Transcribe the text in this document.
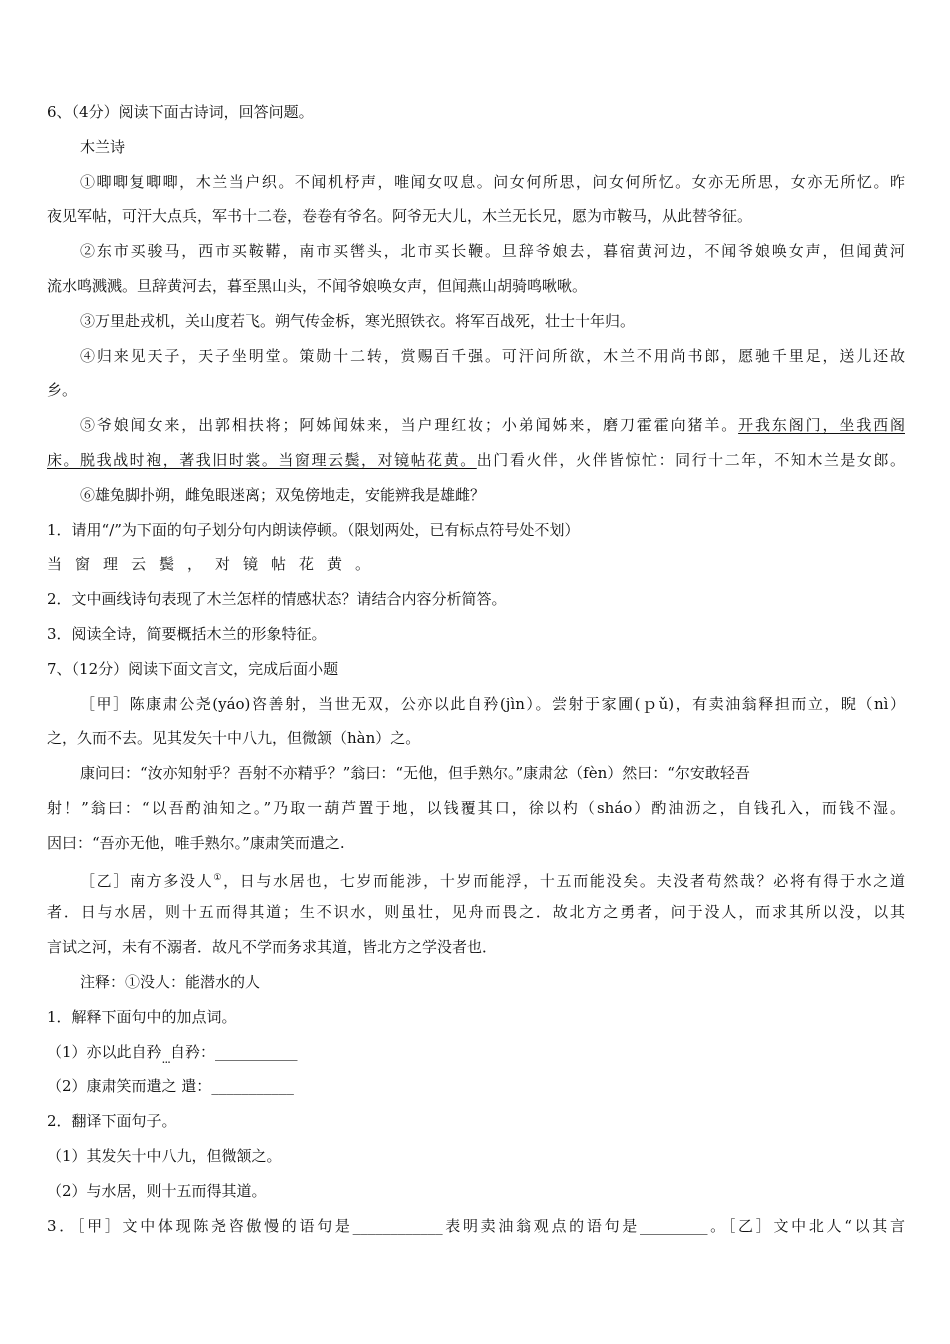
6、（4分）阅读下面古诗词，回答问题。
木兰诗
①唧唧复唧唧，木兰当户织。不闻机杼声，唯闻女叹息。问女何所思，问女何所忆。女亦无所思，女亦无所忆。昨
夜见军帖，可汗大点兵，军书十二卷，卷卷有爷名。阿爷无大儿，木兰无长兄，愿为市鞍马，从此替爷征。
②东市买骏马，西市买鞍鞯，南市买辔头，北市买长鞭。旦辞爷娘去，暮宿黄河边，不闻爷娘唤女声，但闻黄河
流水鸣溅溅。旦辞黄河去，暮至黑山头，不闻爷娘唤女声，但闻燕山胡骑鸣啾啾。
③万里赴戎机，关山度若飞。朔气传金柝，寒光照铁衣。将军百战死，壮士十年归。
④归来见天子，天子坐明堂。策勋十二转，赏赐百千强。可汗问所欲，木兰不用尚书郎，愿驰千里足，送儿还故
乡。
⑤爷娘闻女来，出郭相扶将；阿姊闻妹来，当户理红妆；小弟闻姊来，磨刀霍霍向猪羊。开我东阁门，坐我西阁
床。脱我战时袍，著我旧时裳。当窗理云鬓，对镜帖花黄。出门看火伴，火伴皆惊忙：同行十二年，不知木兰是女郎。
⑥雄兔脚扑朔，雌兔眼迷离；双兔傍地走，安能辨我是雄雌？
1．请用“/”为下面的句子划分句内朗读停顿。（限划两处，已有标点符号处不划）
当窗理云鬓，对镜帖花黄。
2．文中画线诗句表现了木兰怎样的情感状态？请结合内容分析简答。
3．阅读全诗，简要概括木兰的形象特征。
7、（12分）阅读下面文言文，完成后面小题
［甲］陈康肃公尧(yáo)咨善射，当世无双，公亦以此自矜(jìn）。尝射于家圃(ｐǔ)，有卖油翁释担而立，睨（nì）
之，久而不去。见其发矢十中八九，但微颔（hàn）之。
康问曰：“汝亦知射乎？吾射不亦精乎？”翁曰：“无他，但手熟尔。”康肃忿（fèn）然曰：“尔安敢轻吾
射！”翁曰：“以吾酌油知之。”乃取一葫芦置于地，以钱覆其口，徐以杓（sháo）酌油沥之，自钱孔入，而钱不湿。
因曰：“吾亦无他，唯手熟尔。”康肃笑而遣之.
［乙］南方多没人①，日与水居也，七岁而能涉，十岁而能浮，十五而能没矣。夫没者苟然哉？必将有得于水之道
者．日与水居，则十五而得其道；生不识水，则虽壮，见舟而畏之．故北方之勇者，问于没人，而求其所以没，以其
言试之河，未有不溺者．故凡不学而务求其道，皆北方之学没者也．
注释：①没人：能潜水的人
1．解释下面句中的加点词。
（1）亦以此自矜$_{...}$自矜：___________
（2）康肃笑而遣之 遣：___________
2．翻译下面句子。
（1）其发矢十中八九，但微颔之。
（2）与水居，则十五而得其道。
3．［甲］文中体现陈尧咨傲慢的语句是____________表明卖油翁观点的语句是_________。［乙］文中北人“以其言
